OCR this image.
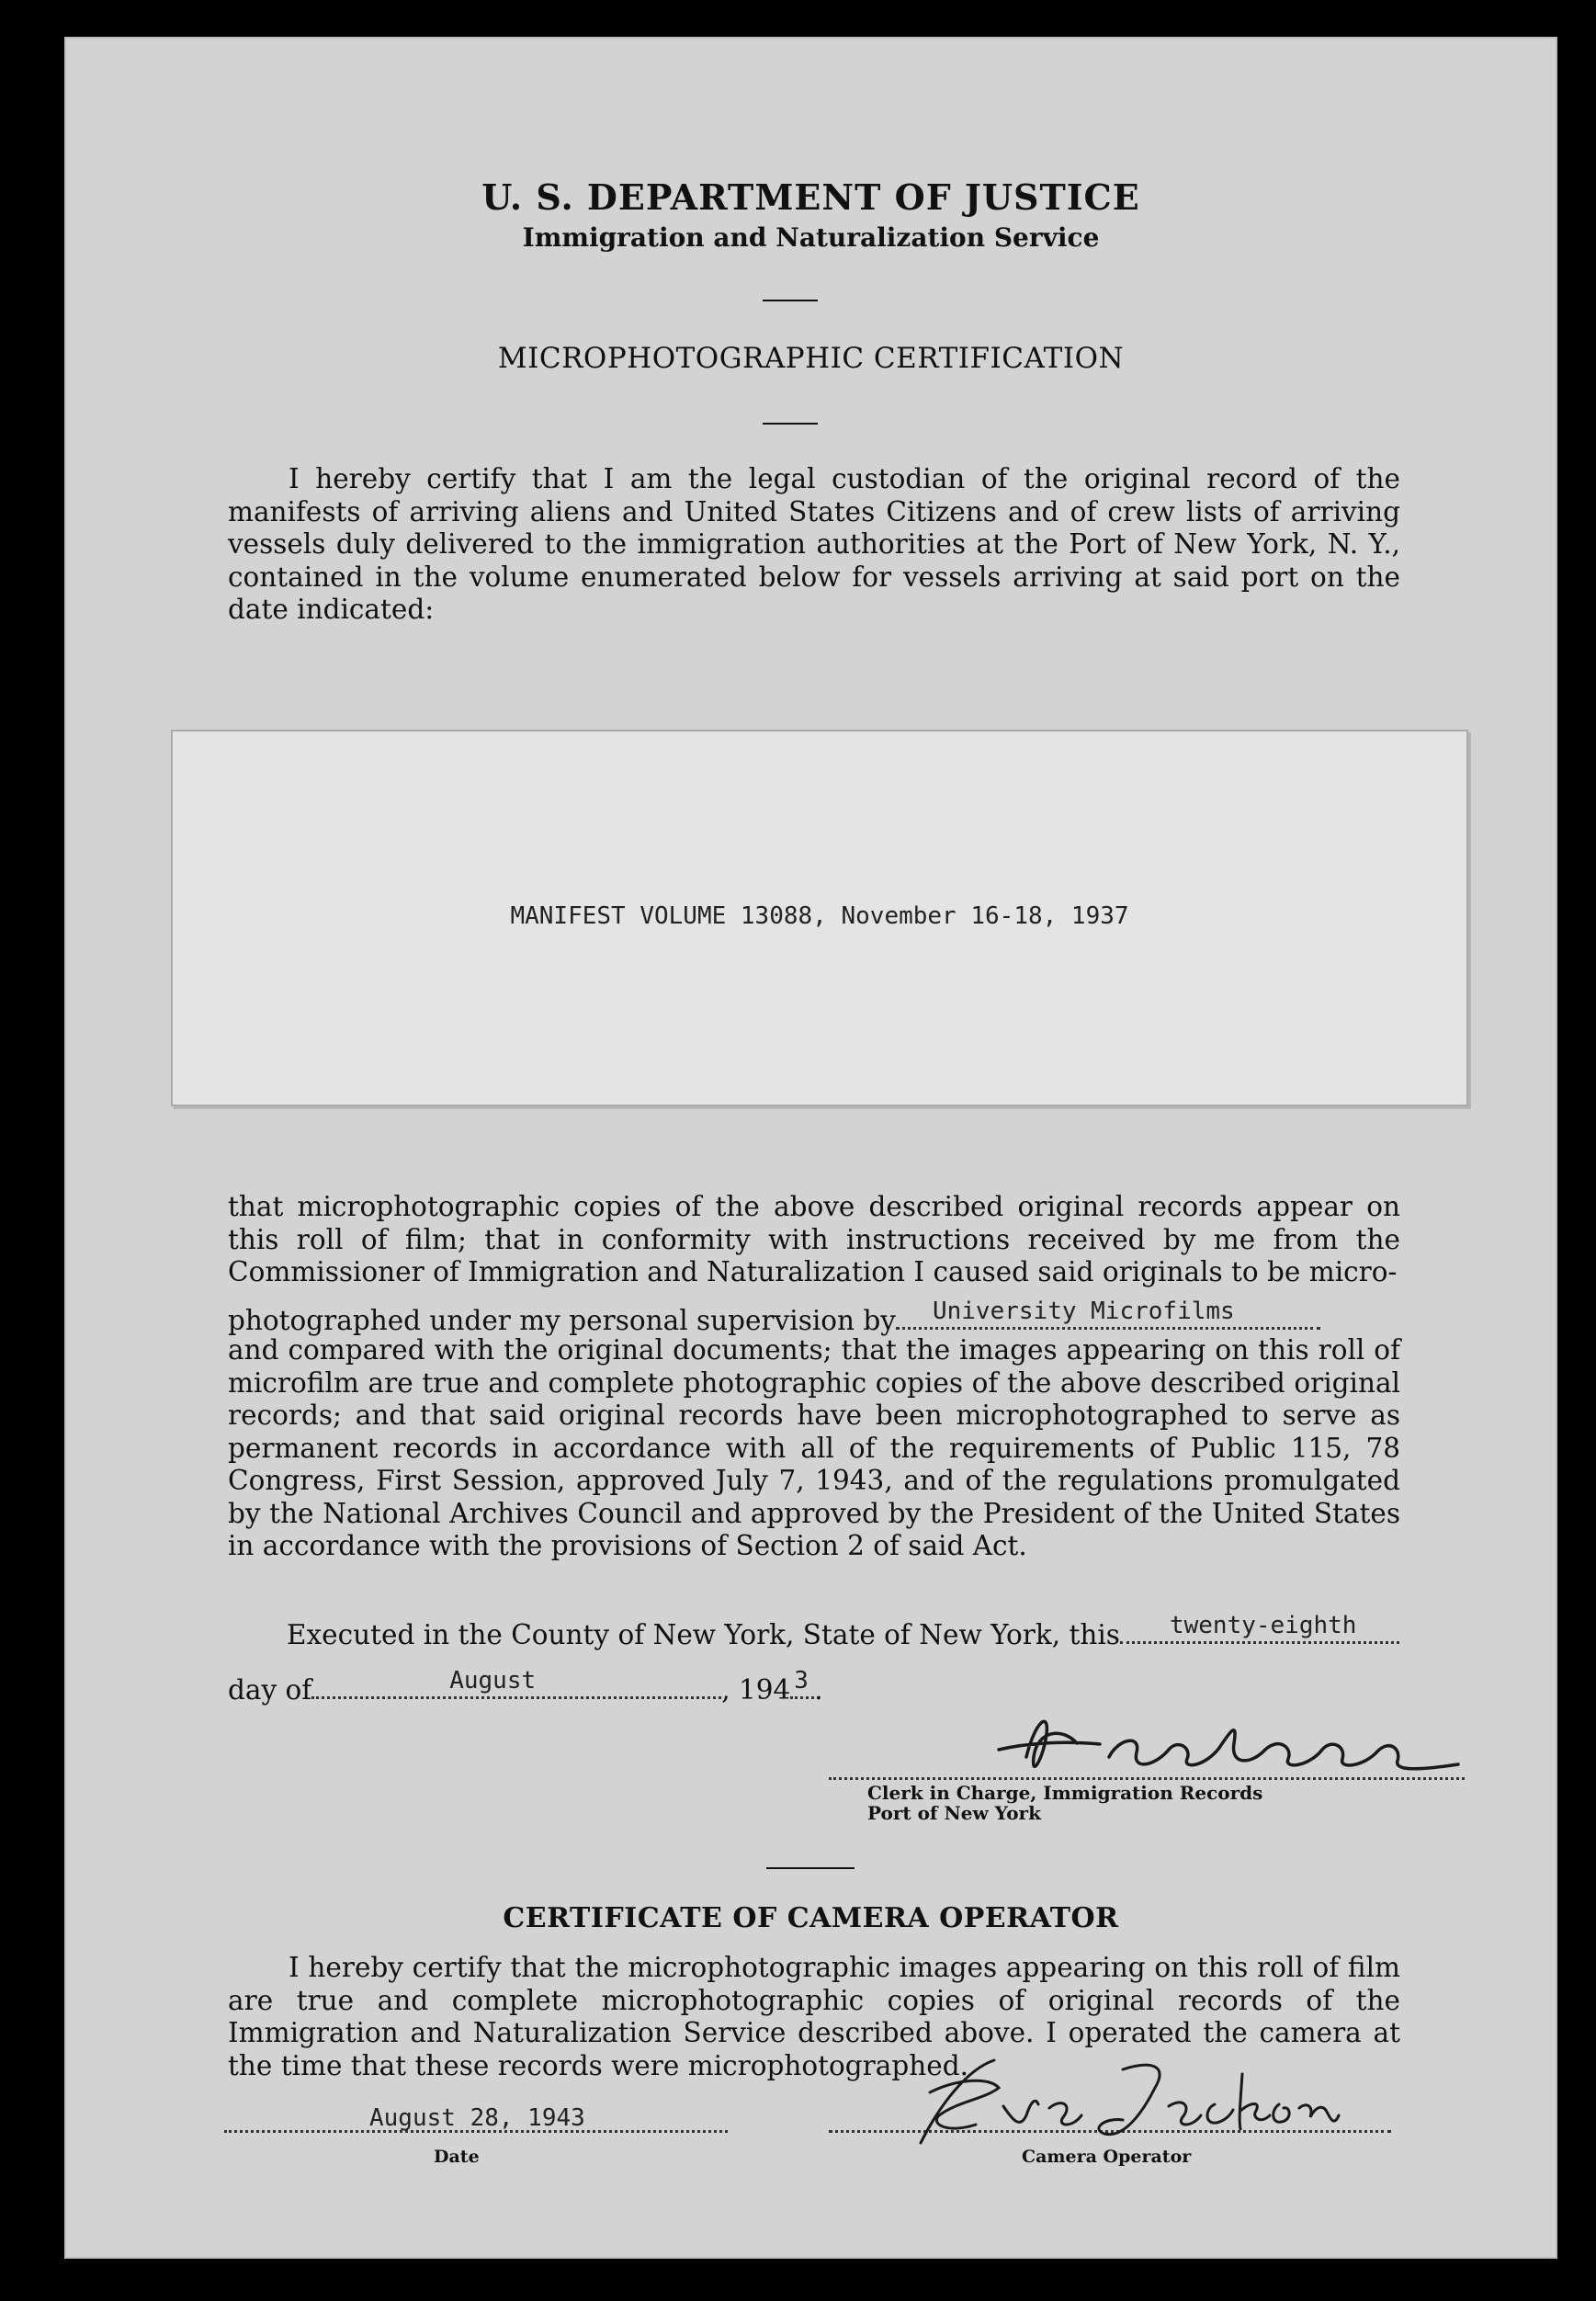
U. S. DEPARTMENT OF JUSTICE
Immigration and Naturalization Service
MICROPHOTOGRAPHIC CERTIFICATION
I hereby certify that I am the legal custodian of the original record of the manifests of arriving aliens and United States Citizens and of crew lists of arriving vessels duly delivered to the immigration authorities at the Port of New York, N. Y., contained in the volume enumerated below for vessels arriving at said port on the date indicated:
MANIFEST VOLUME 13088, November 16-18, 1937
that microphotographic copies of the above described original records appear on this roll of film; that in conformity with instructions received by me from the Commissioner of Immigration and Naturalization I caused said originals to be micro-
photographed under my personal supervision by University Microfilms
and compared with the original documents; that the images appearing on this roll of microfilm are true and complete photographic copies of the above described original records; and that said original records have been microphotographed to serve as permanent records in accordance with all of the requirements of Public 115, 78 Congress, First Session, approved July 7, 1943, and of the regulations promulgated by the National Archives Council and approved by the President of the United States in accordance with the provisions of Section 2 of said Act.
Executed in the County of New York, State of New York, this twenty-eighth
day of	August	, 194 3 .
Clerk in Charge, Immigration Records
Port of New York
CERTIFICATE OF CAMERA OPERATOR
I hereby certify that the microphotographic images appearing on this roll of film are true and complete microphotographic copies of original records of the Immigration and Naturalization Service described above. I operated the camera at the time that these records were microphotographed.
August 28, 1943
Date	Camera Operator
